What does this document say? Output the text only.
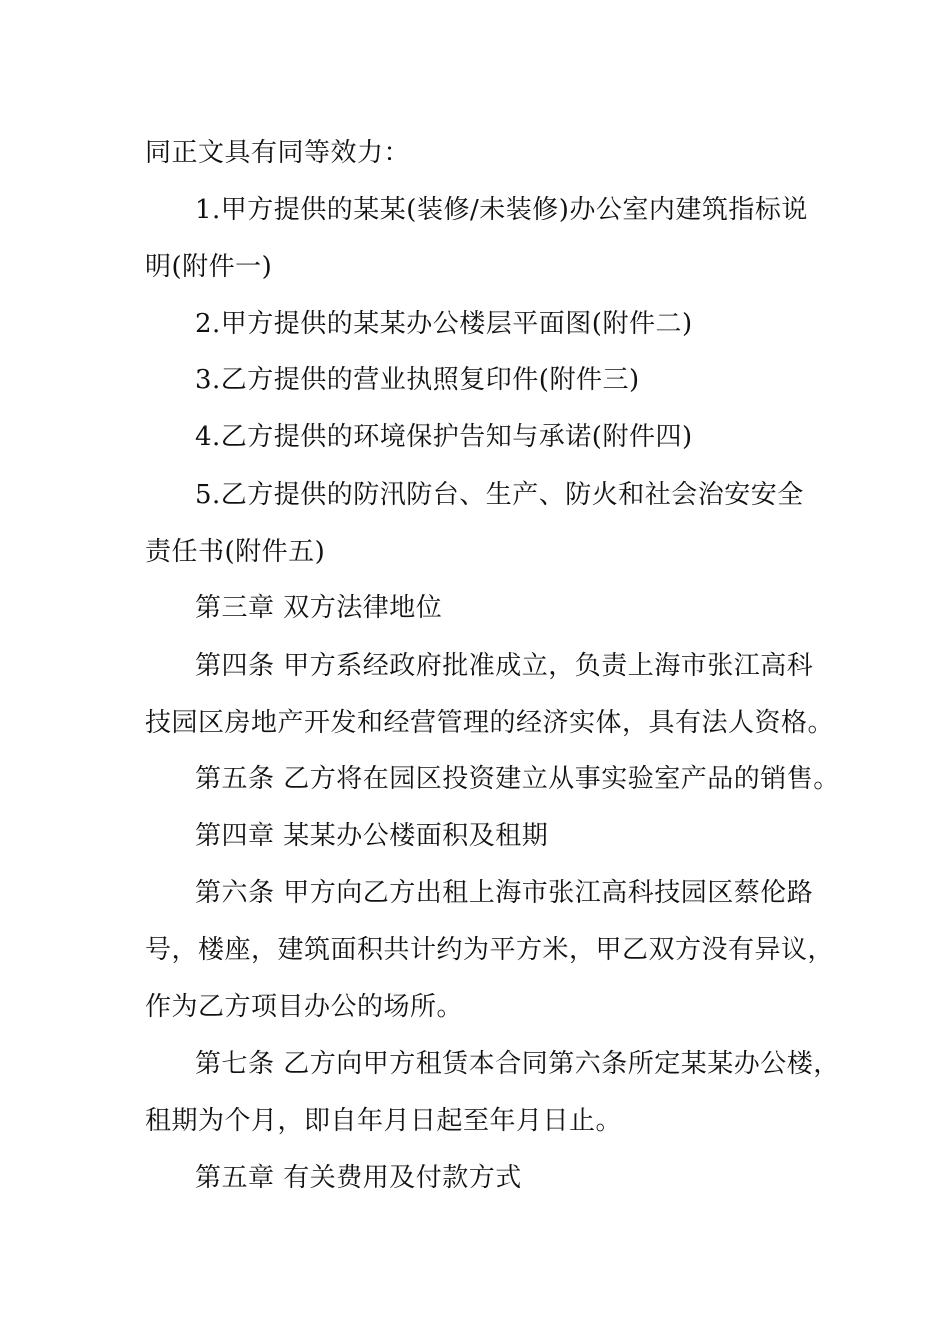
同正文具有同等效力：
1.甲方提供的某某(装修/未装修)办公室内建筑指标说
明(附件一)
2.甲方提供的某某办公楼层平面图(附件二)
3.乙方提供的营业执照复印件(附件三)
4.乙方提供的环境保护告知与承诺(附件四)
5.乙方提供的防汛防台、生产、防火和社会治安安全
责任书(附件五)
第三章 双方法律地位
第四条 甲方系经政府批准成立，负责上海市张江高科
技园区房地产开发和经营管理的经济实体，具有法人资格。
第五条 乙方将在园区投资建立从事实验室产品的销售。
第四章 某某办公楼面积及租期
第六条 甲方向乙方出租上海市张江高科技园区蔡伦路
号，楼座，建筑面积共计约为平方米，甲乙双方没有异议，
作为乙方项目办公的场所。
第七条 乙方向甲方租赁本合同第六条所定某某办公楼，
租期为个月，即自年月日起至年月日止。
第五章 有关费用及付款方式
